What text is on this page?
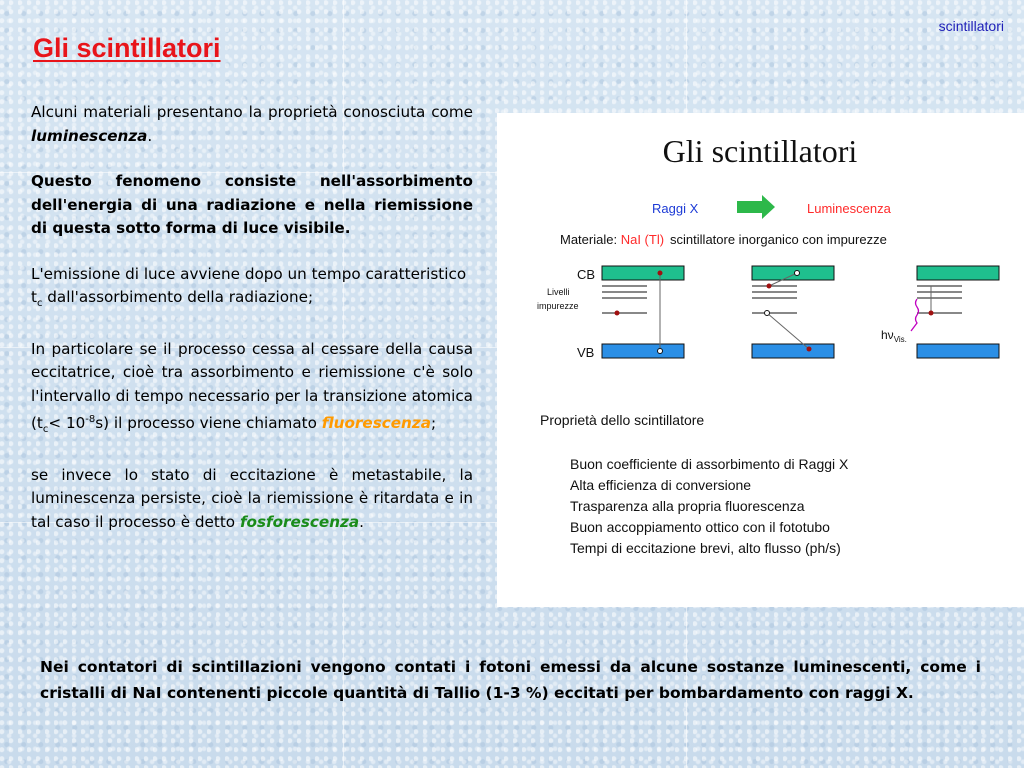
scintillatori
Gli scintillatori

Alcuni materiali presentano la proprietà conosciuta come luminescenza.

Questo fenomeno consiste nell'assorbimento dell'energia di una radiazione e nella riemissione di questa sotto forma di luce visibile.

L'emissione di luce avviene dopo un tempo caratteristico $t_c$ dall'assorbimento della radiazione;

In particolare se il processo cessa al cessare della causa eccitatrice, cioè tra assorbimento e riemissione c'è solo l'intervallo di tempo necessario per la transizione atomica $(t_c< 10^{-8}s)$ il processo viene chiamato fluorescenza;

se invece lo stato di eccitazione è metastabile, la luminescenza persiste, cioè la riemissione è ritardata e in tal caso il processo è detto fosforescenza.

Gli scintillatori
Raggi X	Luminescenza
Materiale: NaI (Tl) scintillatore inorganico con impurezze
CB
VB
Livelli
impurezze
$h\nu_{Vis.}$
Proprietà dello scintillatore
Buon coefficiente di assorbimento di Raggi X
Alta efficienza di conversione
Trasparenza alla propria fluorescenza
Buon accoppiamento ottico con il fototubo
Tempi di eccitazione brevi, alto flusso (ph/s)

Nei contatori di scintillazioni vengono contati i fotoni emessi da alcune sostanze luminescenti, come i cristalli di NaI contenenti piccole quantità di Tallio (1-3 %) eccitati per bombardamento con raggi X.
